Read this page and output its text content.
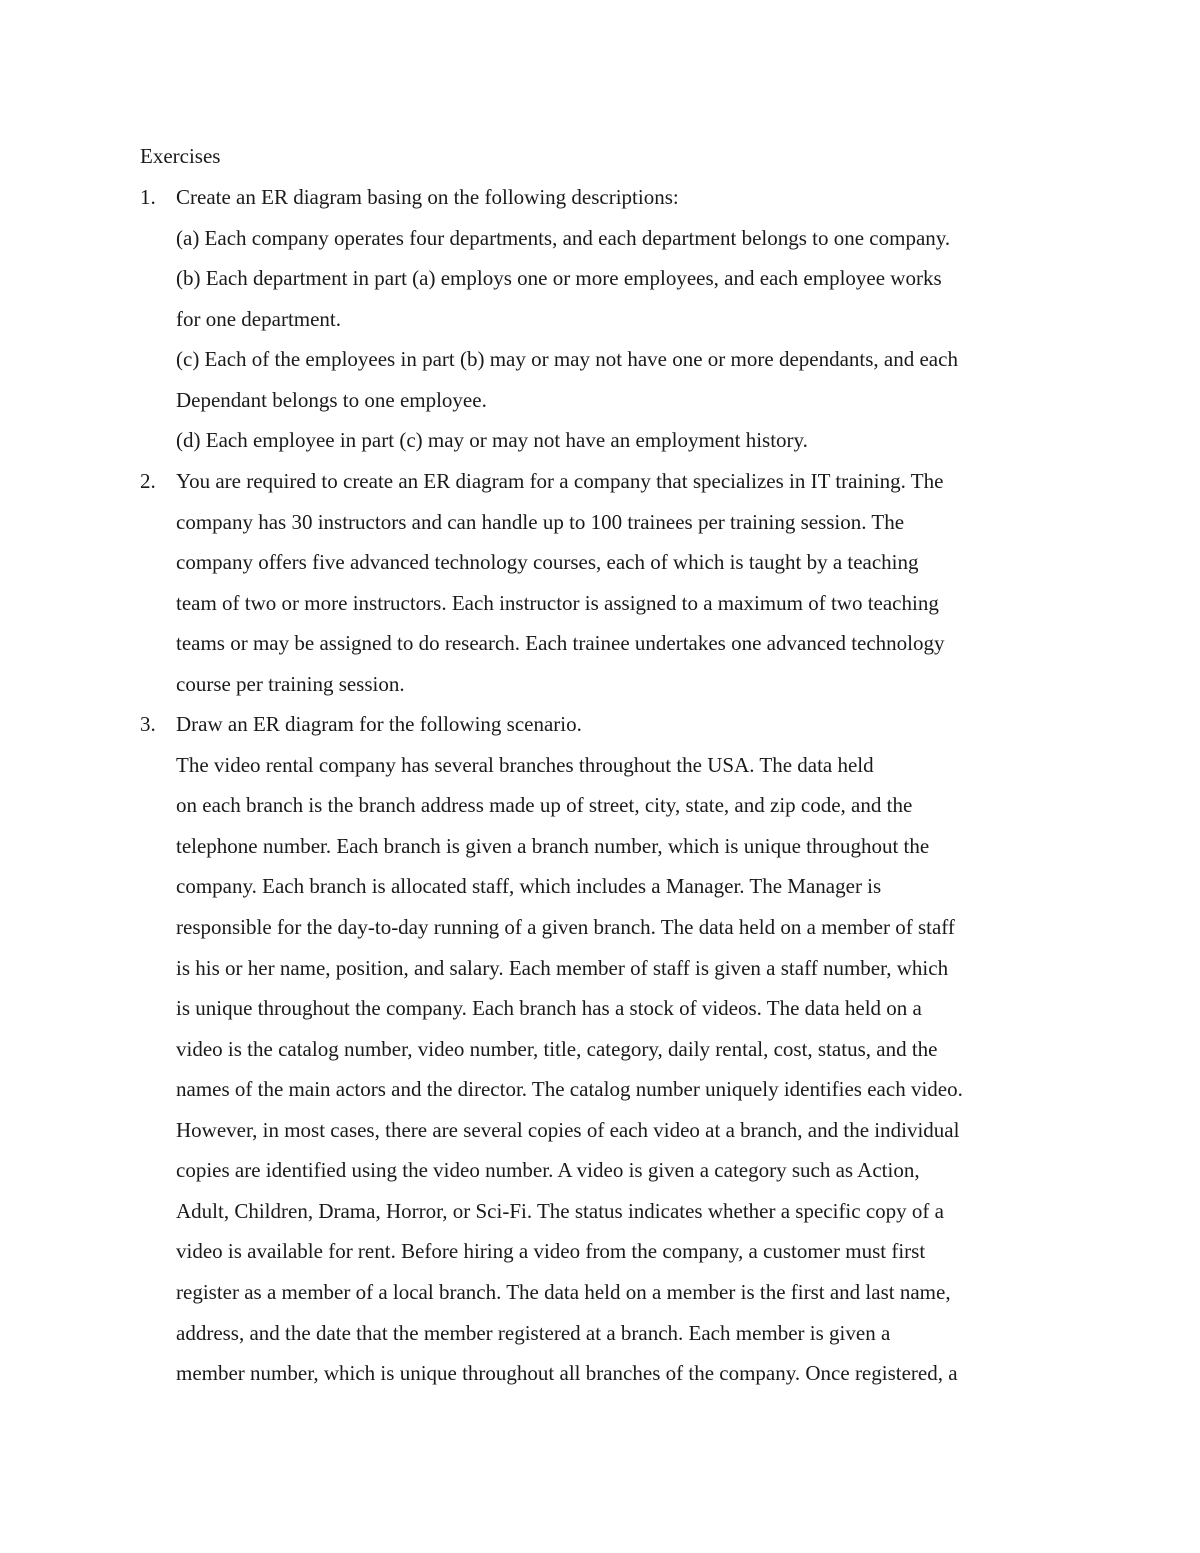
Exercises
1. Create an ER diagram basing on the following descriptions:
(a) Each company operates four departments, and each department belongs to one company.
(b) Each department in part (a) employs one or more employees, and each employee works
for one department.
(c) Each of the employees in part (b) may or may not have one or more dependants, and each
Dependant belongs to one employee.
(d) Each employee in part (c) may or may not have an employment history.
2. You are required to create an ER diagram for a company that specializes in IT training. The
company has 30 instructors and can handle up to 100 trainees per training session. The
company offers five advanced technology courses, each of which is taught by a teaching
team of two or more instructors. Each instructor is assigned to a maximum of two teaching
teams or may be assigned to do research. Each trainee undertakes one advanced technology
course per training session.
3. Draw an ER diagram for the following scenario.
The video rental company has several branches throughout the USA. The data held
on each branch is the branch address made up of street, city, state, and zip code, and the
telephone number. Each branch is given a branch number, which is unique throughout the
company. Each branch is allocated staff, which includes a Manager. The Manager is
responsible for the day-to-day running of a given branch. The data held on a member of staff
is his or her name, position, and salary. Each member of staff is given a staff number, which
is unique throughout the company. Each branch has a stock of videos. The data held on a
video is the catalog number, video number, title, category, daily rental, cost, status, and the
names of the main actors and the director. The catalog number uniquely identifies each video.
However, in most cases, there are several copies of each video at a branch, and the individual
copies are identified using the video number. A video is given a category such as Action,
Adult, Children, Drama, Horror, or Sci-Fi. The status indicates whether a specific copy of a
video is available for rent. Before hiring a video from the company, a customer must first
register as a member of a local branch. The data held on a member is the first and last name,
address, and the date that the member registered at a branch. Each member is given a
member number, which is unique throughout all branches of the company. Once registered, a
